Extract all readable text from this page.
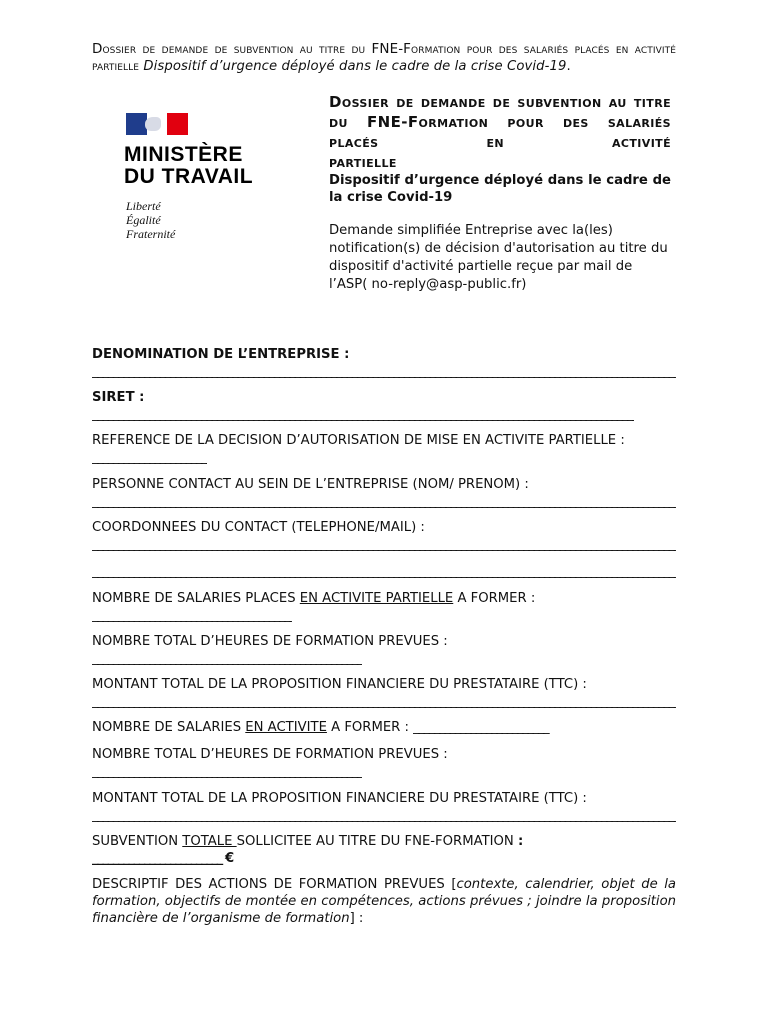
Dossier de demande de subvention au titre du FNE-Formation pour des salariés placés en activité partielle Dispositif d’urgence déployé dans le cadre de la crise Covid-19.
MINISTÈRE
DU TRAVAIL
Liberté
Égalité
Fraternité
Dossier de demande de subvention au titre du FNE-Formation pour des salariés placés en activité
partielle
Dispositif d’urgence déployé dans le cadre de la crise Covid-19
Demande simplifiée Entreprise avec la(les) notification(s) de décision d'autorisation au titre du dispositif d'activité partielle reçue par mail de l’ASP( no-reply@asp-public.fr)
DENOMINATION DE L’ENTREPRISE :
_____
SIRET :
_____
REFERENCE DE LA DECISION D’AUTORISATION DE MISE EN ACTIVITE PARTIELLE :
_____
PERSONNE CONTACT AU SEIN DE L’ENTREPRISE (NOM/ PRENOM) :
_____
COORDONNEES DU CONTACT (TELEPHONE/MAIL) :
_____
_____
NOMBRE DE SALARIES PLACES EN ACTIVITE PARTIELLE A FORMER :
_____
NOMBRE TOTAL D’HEURES DE FORMATION PREVUES :
_____
MONTANT TOTAL DE LA PROPOSITION FINANCIERE DU PRESTATAIRE (TTC) :
_____
NOMBRE DE SALARIES EN ACTIVITE A FORMER : __________________________
NOMBRE TOTAL D’HEURES DE FORMATION PREVUES :
_____
MONTANT TOTAL DE LA PROPOSITION FINANCIERE DU PRESTATAIRE (TTC) :
_____
SUBVENTION TOTALE SOLLICITEE AU TITRE DU FNE-FORMATION :
_________________________ €
DESCRIPTIF DES ACTIONS DE FORMATION PREVUES [contexte, calendrier, objet de la formation, objectifs de montée en compétences, actions prévues ; joindre la proposition financière de l’organisme de formation] :
